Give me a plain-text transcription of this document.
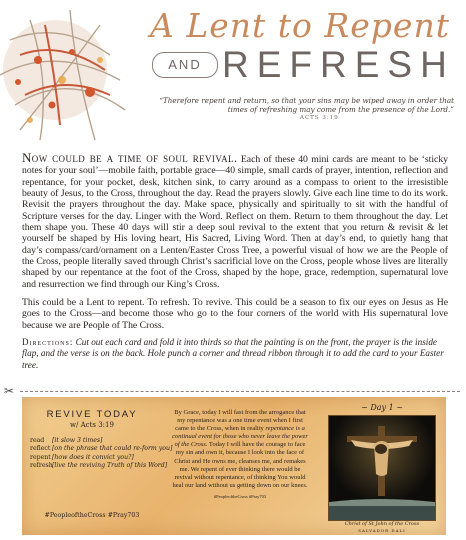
A Lent to Repent
AND REFRESH
“Therefore repent and return, so that your sins may be wiped away in order that times of refreshing may come from the presence of the Lord.”
ACTS 3:19

Now could be a time of soul revival. Each of these 40 mini cards are meant to be ‘sticky notes for your soul’—mobile faith, portable grace—40 simple, small cards of prayer, intention, reflection and repentance, for your pocket, desk, kitchen sink, to carry around as a compass to orient to the irresistible beauty of Jesus, to the Cross, throughout the day. Read the prayers slowly. Give each line time to do its work. Revisit the prayers throughout the day. Make space, physically and spiritually to sit with the handful of Scripture verses for the day. Linger with the Word. Reflect on them. Return to them throughout the day. Let them shape you. These 40 days will stir a deep soul revival to the extent that you return & revisit & let yourself be shaped by His loving heart, His Sacred, Living Word. Then at day’s end, to quietly hang that day’s compass/card/ornament on a Lenten/Easter Cross Tree, a powerful visual of how we are the People of the Cross, people literally saved through Christ’s sacrificial love on the Cross, people whose lives are literally shaped by our repentance at the foot of the Cross, shaped by the hope, grace, redemption, supernatural love and resurrection we find through our King’s Cross.

This could be a Lent to repent. To refresh. To revive. This could be a season to fix our eyes on Jesus as He goes to the Cross—and become those who go to the four corners of the world with His supernatural love because we are People of The Cross.

Directions: Cut out each card and fold it into thirds so that the painting is on the front, the prayer is the inside flap, and the verse is on the back. Hole punch a corner and thread ribbon through it to add the card to your Easter tree.
✂
REVIVE TODAY
w/ Acts 3:19
read [it slow 3 times]
reflect [on the phrase that could re-form you]
repent [how does it convict you?]
refresh [live the reviving Truth of this Word]
#PeopleoftheCross #Pray703
By Grace, today I will fast from the arrogance that my repentance was a one time event when I first came to the Cross, when in reality repentance is a continual event for those who never leave the power of the Cross. Today I will have the courage to face my sin and own it, because I look into the face of Christ and He owns me, cleanses me, and remakes me. We repent of ever thinking there would be revival without repentance, of thinking You would heal our land without us getting down on our knees.
#PeopleoftheCross #Pray703
~ Day 1 ~
Christ of St John of the Cross
SALVADOR DALI
